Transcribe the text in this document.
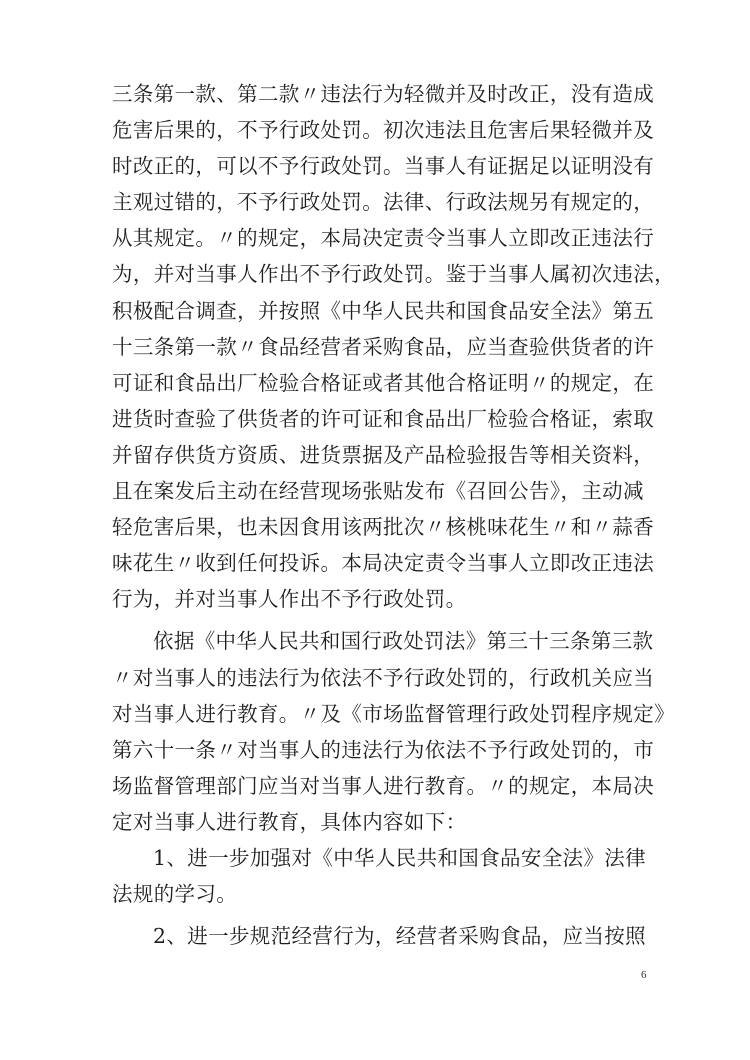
三条第一款、第二款〃违法行为轻微并及时改正，没有造成
危害后果的，不予行政处罚。初次违法且危害后果轻微并及
时改正的，可以不予行政处罚。当事人有证据足以证明没有
主观过错的，不予行政处罚。法律、行政法规另有规定的，
从其规定。〃的规定，本局决定责令当事人立即改正违法行
为，并对当事人作出不予行政处罚。鉴于当事人属初次违法，
积极配合调查，并按照《中华人民共和国食品安全法》第五
十三条第一款〃食品经营者采购食品，应当查验供货者的许
可证和食品出厂检验合格证或者其他合格证明〃的规定，在
进货时查验了供货者的许可证和食品出厂检验合格证，索取
并留存供货方资质、进货票据及产品检验报告等相关资料，
且在案发后主动在经营现场张贴发布《召回公告》，主动减
轻危害后果，也未因食用该两批次〃核桃味花生〃和〃蒜香
味花生〃收到任何投诉。本局决定责令当事人立即改正违法
行为，并对当事人作出不予行政处罚。
依据《中华人民共和国行政处罚法》第三十三条第三款
〃对当事人的违法行为依法不予行政处罚的，行政机关应当
对当事人进行教育。〃及《市场监督管理行政处罚程序规定》
第六十一条〃对当事人的违法行为依法不予行政处罚的，市
场监督管理部门应当对当事人进行教育。〃的规定，本局决
定对当事人进行教育，具体内容如下：
1、进一步加强对《中华人民共和国食品安全法》法律
法规的学习。
2、进一步规范经营行为，经营者采购食品，应当按照
6
